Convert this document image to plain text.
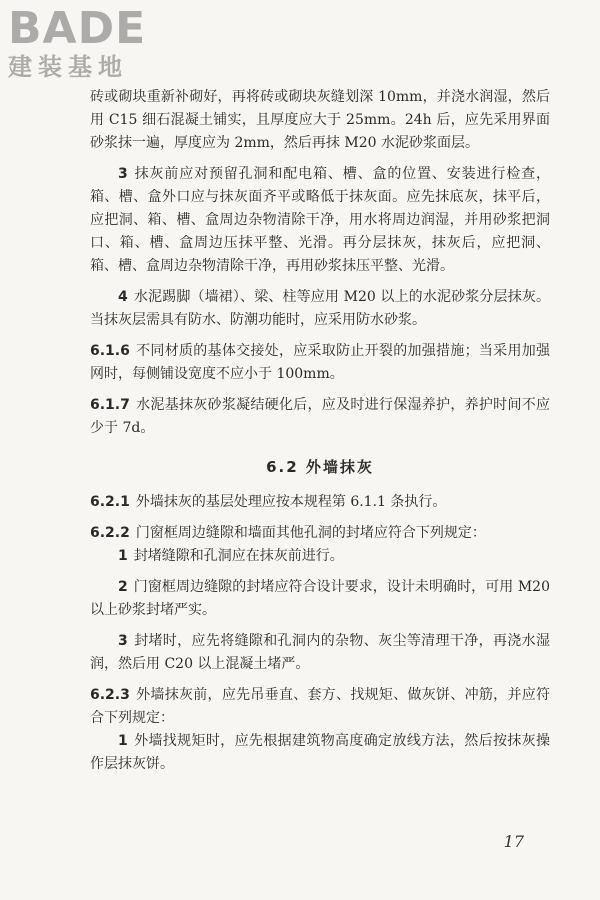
BADE
建装基地

砖或砌块重新补砌好，再将砖或砌块灰缝划深 10mm，并浇水润湿，然后用 C15 细石混凝土铺实，且厚度应大于 25mm。24h 后，应先采用界面砂浆抹一遍，厚度应为 2mm，然后再抹 M20 水泥砂浆面层。

3 抹灰前应对预留孔洞和配电箱、槽、盒的位置、安装进行检查，箱、槽、盒外口应与抹灰面齐平或略低于抹灰面。应先抹底灰，抹平后，应把洞、箱、槽、盒周边杂物清除干净，用水将周边润湿，并用砂浆把洞口、箱、槽、盒周边压抹平整、光滑。再分层抹灰，抹灰后，应把洞、箱、槽、盒周边杂物清除干净，再用砂浆抹压平整、光滑。

4 水泥踢脚（墙裙）、梁、柱等应用 M20 以上的水泥砂浆分层抹灰。当抹灰层需具有防水、防潮功能时，应采用防水砂浆。

6.1.6 不同材质的基体交接处，应采取防止开裂的加强措施；当采用加强网时，每侧铺设宽度不应小于 100mm。

6.1.7 水泥基抹灰砂浆凝结硬化后，应及时进行保湿养护，养护时间不应少于 7d。

6.2 外墙抹灰

6.2.1 外墙抹灰的基层处理应按本规程第 6.1.1 条执行。

6.2.2 门窗框周边缝隙和墙面其他孔洞的封堵应符合下列规定：

1 封堵缝隙和孔洞应在抹灰前进行。

2 门窗框周边缝隙的封堵应符合设计要求，设计未明确时，可用 M20 以上砂浆封堵严实。

3 封堵时，应先将缝隙和孔洞内的杂物、灰尘等清理干净，再浇水湿润，然后用 C20 以上混凝土堵严。

6.2.3 外墙抹灰前，应先吊垂直、套方、找规矩、做灰饼、冲筋，并应符合下列规定：

1 外墙找规矩时，应先根据建筑物高度确定放线方法，然后按抹灰操作层抹灰饼。

17
